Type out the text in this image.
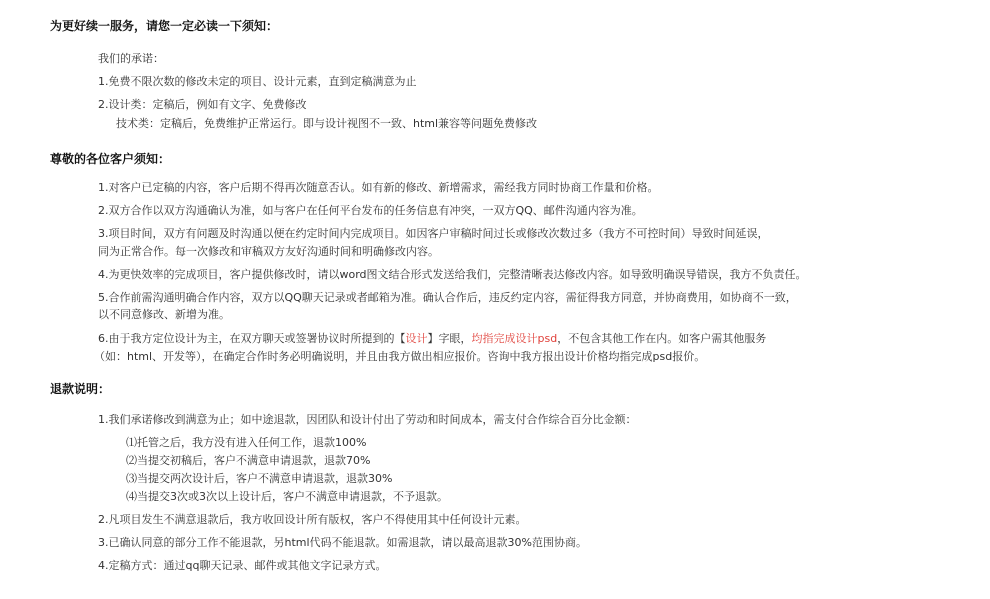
为更好续一服务，请您一定必读一下须知：
我们的承诺：
1.免费不限次数的修改未定的项目、设计元素，直到定稿满意为止
2.设计类：定稿后，例如有文字、免费修改
技术类：定稿后，免费维护正常运行。即与设计视图不一致、html兼容等问题免费修改
尊敬的各位客户须知：
1.对客户已定稿的内容，客户后期不得再次随意否认。如有新的修改、新增需求，需经我方同时协商工作量和价格。
2.双方合作以双方沟通确认为准，如与客户在任何平台发布的任务信息有冲突，一双方QQ、邮件沟通内容为准。
3.项目时间，双方有问题及时沟通以便在约定时间内完成项目。如因客户审稿时间过长或修改次数过多（我方不可控时间）导致时间延误，
同为正常合作。每一次修改和审稿双方友好沟通时间和明确修改内容。
4.为更快效率的完成项目，客户提供修改时，请以word图文结合形式发送给我们，完整清晰表达修改内容。如导致明确误导错误，我方不负责任。
5.合作前需沟通明确合作内容，双方以QQ聊天记录或者邮箱为准。确认合作后，违反约定内容，需征得我方同意，并协商费用，如协商不一致，
以不同意修改、新增为准。
6.由于我方定位设计为主，在双方聊天或签署协议时所提到的【设计】字眼，均指完成设计psd，不包含其他工作在内。如客户需其他服务
（如：html、开发等），在确定合作时务必明确说明，并且由我方做出相应报价。咨询中我方报出设计价格均指完成psd报价。
退款说明：
1.我们承诺修改到满意为止；如中途退款，因团队和设计付出了劳动和时间成本，需支付合作综合百分比金额：
⑴托管之后，我方没有进入任何工作，退款100%
⑵当提交初稿后，客户不满意申请退款，退款70%
⑶当提交两次设计后，客户不满意申请退款，退款30%
⑷当提交3次或3次以上设计后，客户不满意申请退款，不予退款。
2.凡项目发生不满意退款后，我方收回设计所有版权，客户不得使用其中任何设计元素。
3.已确认同意的部分工作不能退款，另html代码不能退款。如需退款，请以最高退款30%范围协商。
4.定稿方式：通过qq聊天记录、邮件或其他文字记录方式。
